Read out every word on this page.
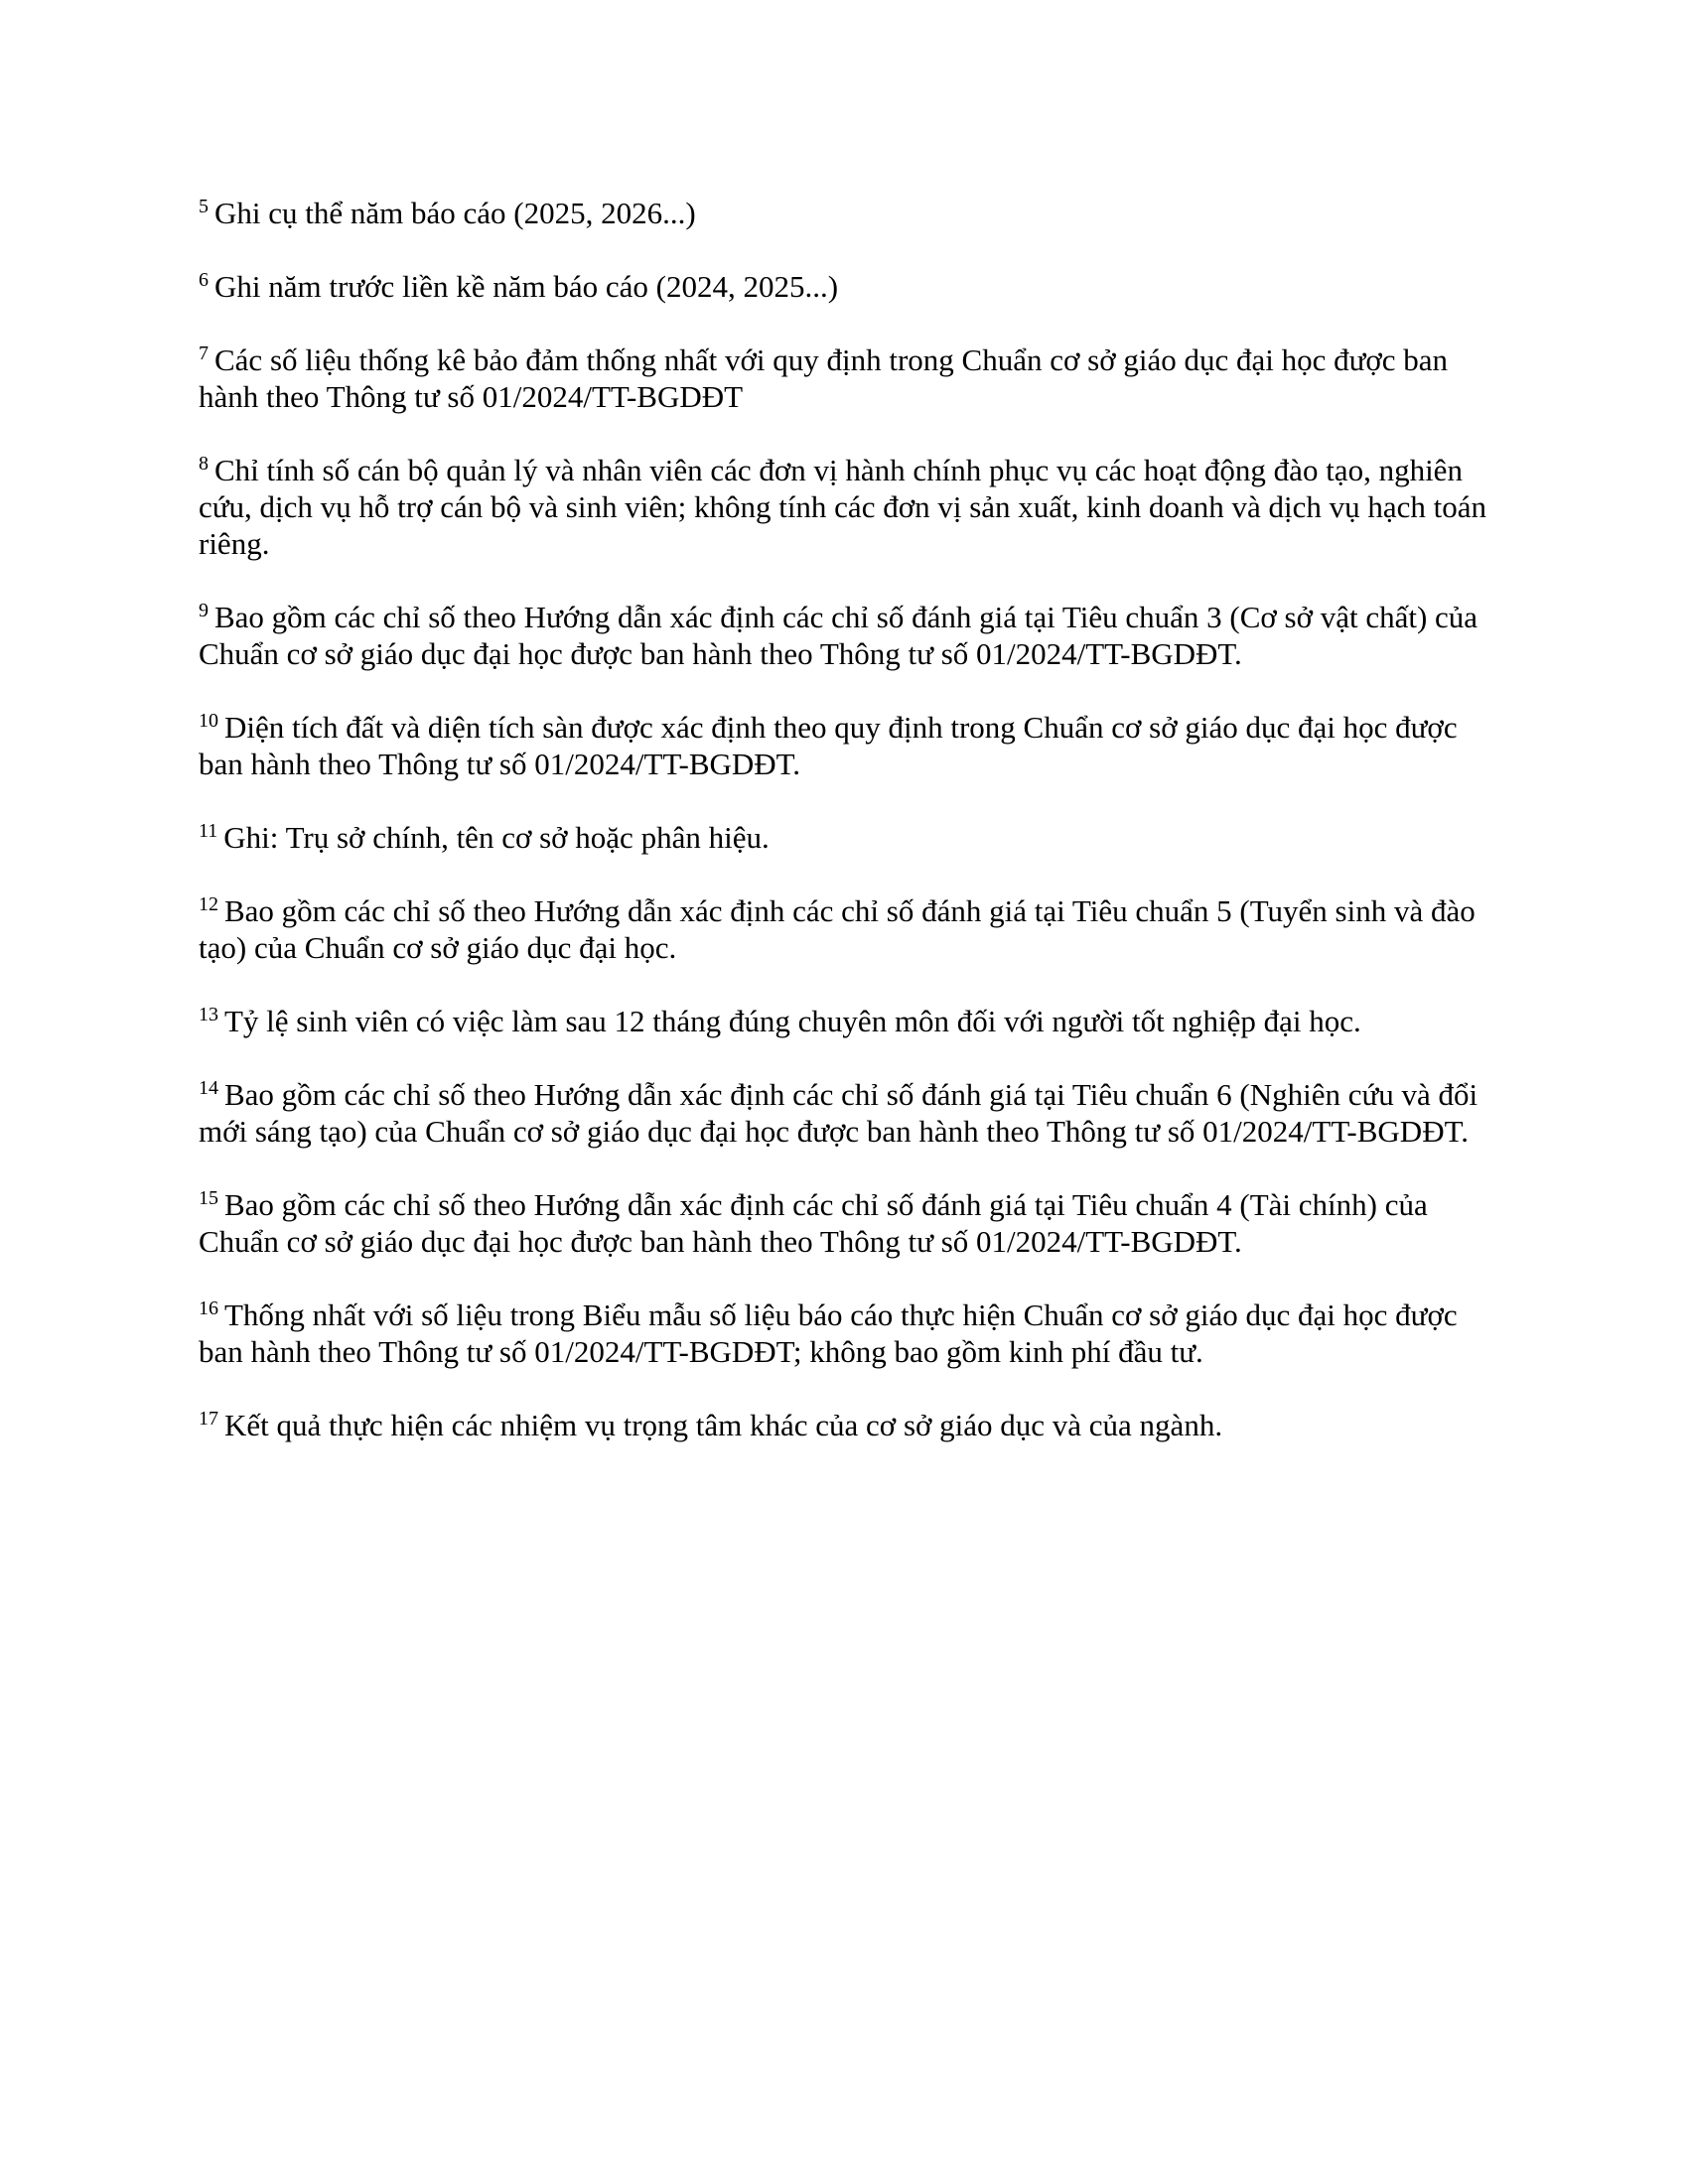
$^5$ Ghi cụ thể năm báo cáo (2025, 2026...)

$^6$ Ghi năm trước liền kề năm báo cáo (2024, 2025...)

$^7$ Các số liệu thống kê bảo đảm thống nhất với quy định trong Chuẩn cơ sở giáo dục đại học được ban hành theo Thông tư số 01/2024/TT-BGDĐT

$^8$ Chỉ tính số cán bộ quản lý và nhân viên các đơn vị hành chính phục vụ các hoạt động đào tạo, nghiên cứu, dịch vụ hỗ trợ cán bộ và sinh viên; không tính các đơn vị sản xuất, kinh doanh và dịch vụ hạch toán riêng.

$^9$ Bao gồm các chỉ số theo Hướng dẫn xác định các chỉ số đánh giá tại Tiêu chuẩn 3 (Cơ sở vật chất) của Chuẩn cơ sở giáo dục đại học được ban hành theo Thông tư số 01/2024/TT-BGDĐT.

$^{10}$ Diện tích đất và diện tích sàn được xác định theo quy định trong Chuẩn cơ sở giáo dục đại học được ban hành theo Thông tư số 01/2024/TT-BGDĐT.

$^{11}$ Ghi: Trụ sở chính, tên cơ sở hoặc phân hiệu.

$^{12}$ Bao gồm các chỉ số theo Hướng dẫn xác định các chỉ số đánh giá tại Tiêu chuẩn 5 (Tuyển sinh và đào tạo) của Chuẩn cơ sở giáo dục đại học.

$^{13}$ Tỷ lệ sinh viên có việc làm sau 12 tháng đúng chuyên môn đối với người tốt nghiệp đại học.

$^{14}$ Bao gồm các chỉ số theo Hướng dẫn xác định các chỉ số đánh giá tại Tiêu chuẩn 6 (Nghiên cứu và đổi mới sáng tạo) của Chuẩn cơ sở giáo dục đại học được ban hành theo Thông tư số 01/2024/TT-BGDĐT.

$^{15}$ Bao gồm các chỉ số theo Hướng dẫn xác định các chỉ số đánh giá tại Tiêu chuẩn 4 (Tài chính) của Chuẩn cơ sở giáo dục đại học được ban hành theo Thông tư số 01/2024/TT-BGDĐT.

$^{16}$ Thống nhất với số liệu trong Biểu mẫu số liệu báo cáo thực hiện Chuẩn cơ sở giáo dục đại học được ban hành theo Thông tư số 01/2024/TT-BGDĐT; không bao gồm kinh phí đầu tư.

$^{17}$ Kết quả thực hiện các nhiệm vụ trọng tâm khác của cơ sở giáo dục và của ngành.
